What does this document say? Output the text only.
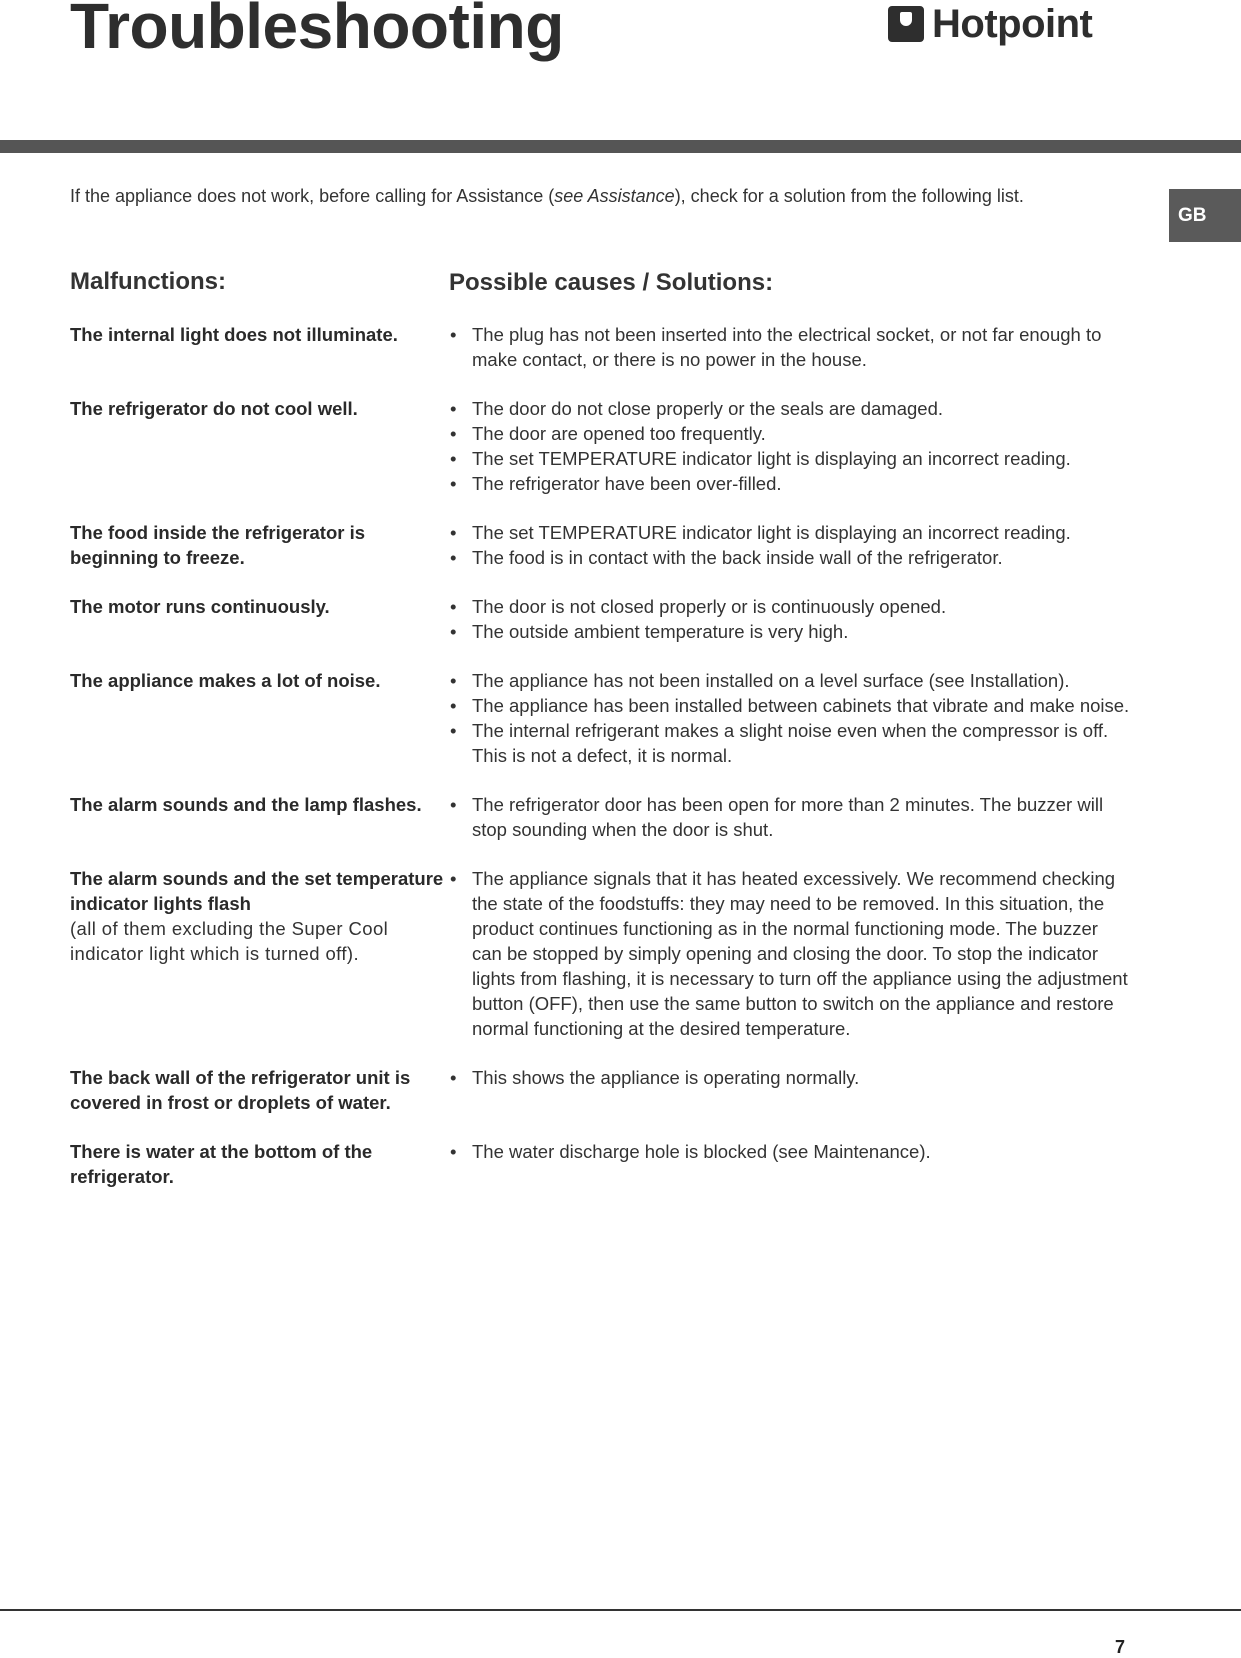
Troubleshooting	Hotpoint
GB

If the appliance does not work, before calling for Assistance (see Assistance), check for a solution from the following list.

Malfunctions:	Possible causes / Solutions:
The internal light does not illuminate.	• The plug has not been inserted into the electrical socket, or not far enough to make contact, or there is no power in the house.
The refrigerator do not cool well.	• The door do not close properly or the seals are damaged.
• The door are opened too frequently.
• The set TEMPERATURE indicator light is displaying an incorrect reading.
• The refrigerator have been over-filled.
The food inside the refrigerator is beginning to freeze.
• The set TEMPERATURE indicator light is displaying an incorrect reading.
• The food is in contact with the back inside wall of the refrigerator.
The motor runs continuously.	• The door is not closed properly or is continuously opened.
• The outside ambient temperature is very high.
The appliance makes a lot of noise.	• The appliance has not been installed on a level surface (see Installation).
• The appliance has been installed between cabinets that vibrate and make noise.
• The internal refrigerant makes a slight noise even when the compressor is off. This is not a defect, it is normal.
The alarm sounds and the lamp flashes.	• The refrigerator door has been open for more than 2 minutes. The buzzer will stop sounding when the door is shut.
The alarm sounds and the set temperature indicator lights flash
(all of them excluding the Super Cool indicator light which is turned off).
• The appliance signals that it has heated excessively. We recommend checking the state of the foodstuffs: they may need to be removed. In this situation, the product continues functioning as in the normal functioning mode. The buzzer can be stopped by simply opening and closing the door. To stop the indicator lights from flashing, it is necessary to turn off the appliance using the adjustment button (OFF), then use the same button to switch on the appliance and restore normal functioning at the desired temperature.
The back wall of the refrigerator unit is covered in frost or droplets of water.
• This shows the appliance is operating normally.
There is water at the bottom of the refrigerator.
• The water discharge hole is blocked (see Maintenance).
7
